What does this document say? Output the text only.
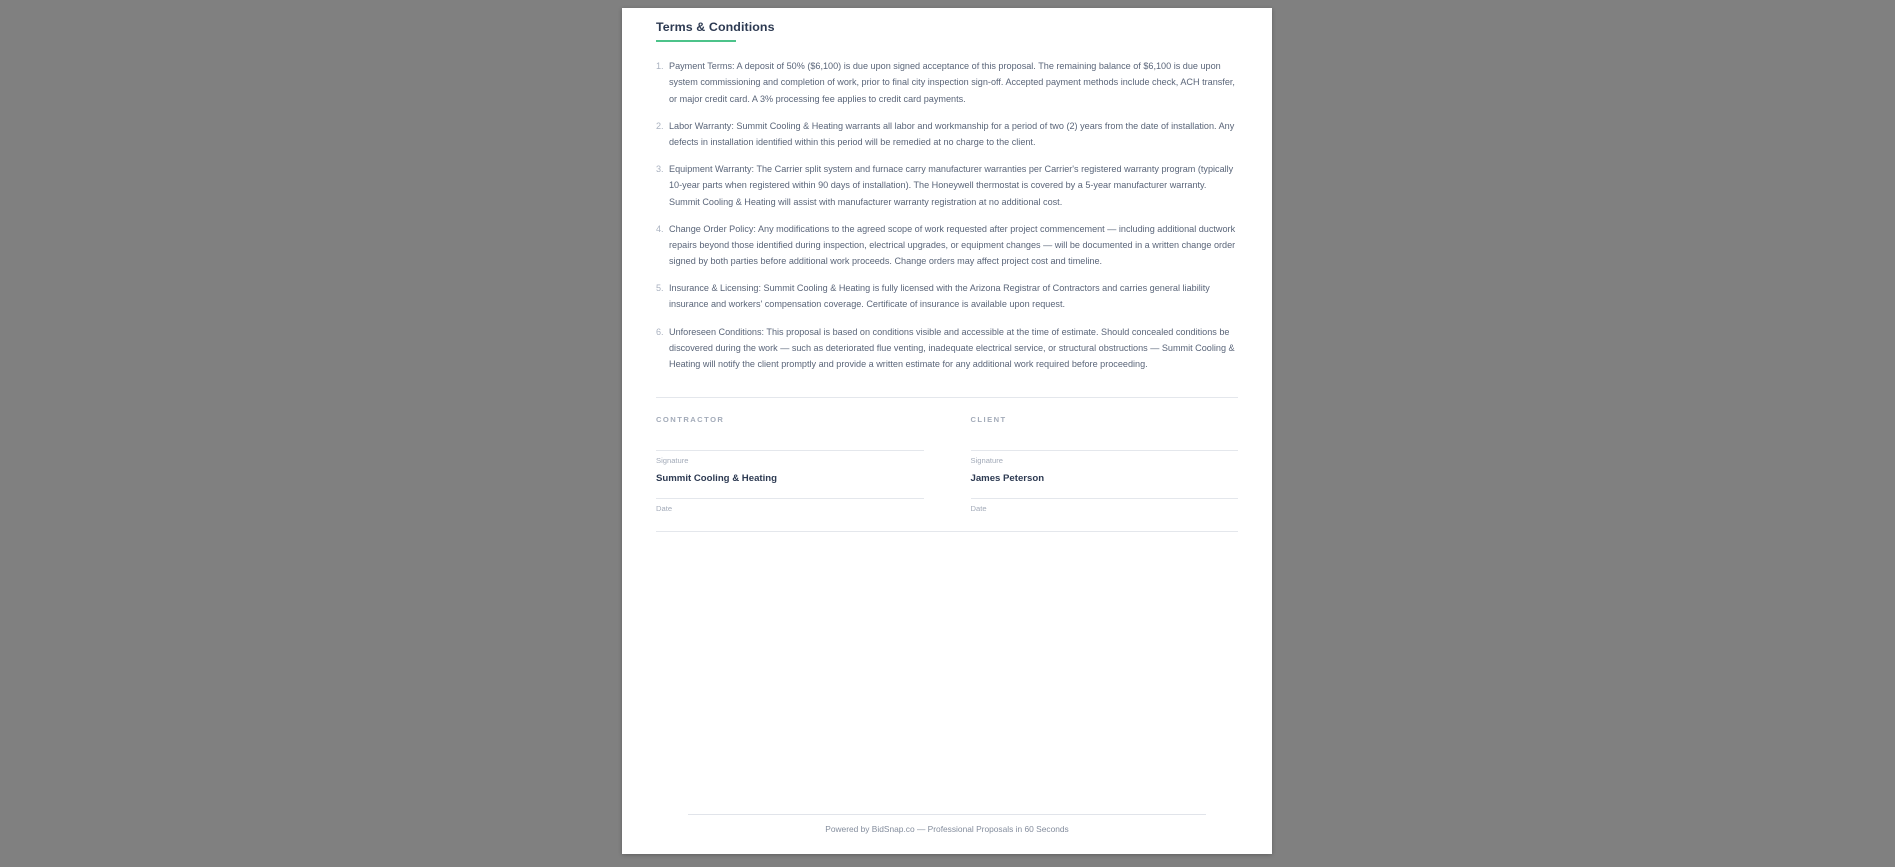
Terms & Conditions
1. Payment Terms: A deposit of 50% ($6,100) is due upon signed acceptance of this proposal. The remaining balance of $6,100 is due upon system commissioning and completion of work, prior to final city inspection sign-off. Accepted payment methods include check, ACH transfer, or major credit card. A 3% processing fee applies to credit card payments.
2. Labor Warranty: Summit Cooling & Heating warrants all labor and workmanship for a period of two (2) years from the date of installation. Any defects in installation identified within this period will be remedied at no charge to the client.
3. Equipment Warranty: The Carrier split system and furnace carry manufacturer warranties per Carrier's registered warranty program (typically 10-year parts when registered within 90 days of installation). The Honeywell thermostat is covered by a 5-year manufacturer warranty. Summit Cooling & Heating will assist with manufacturer warranty registration at no additional cost.
4. Change Order Policy: Any modifications to the agreed scope of work requested after project commencement — including additional ductwork repairs beyond those identified during inspection, electrical upgrades, or equipment changes — will be documented in a written change order signed by both parties before additional work proceeds. Change orders may affect project cost and timeline.
5. Insurance & Licensing: Summit Cooling & Heating is fully licensed with the Arizona Registrar of Contractors and carries general liability insurance and workers' compensation coverage. Certificate of insurance is available upon request.
6. Unforeseen Conditions: This proposal is based on conditions visible and accessible at the time of estimate. Should concealed conditions be discovered during the work — such as deteriorated flue venting, inadequate electrical service, or structural obstructions — Summit Cooling & Heating will notify the client promptly and provide a written estimate for any additional work required before proceeding.
CONTRACTOR
Signature
Summit Cooling & Heating
Date
CLIENT
Signature
James Peterson
Date
Powered by BidSnap.co — Professional Proposals in 60 Seconds
